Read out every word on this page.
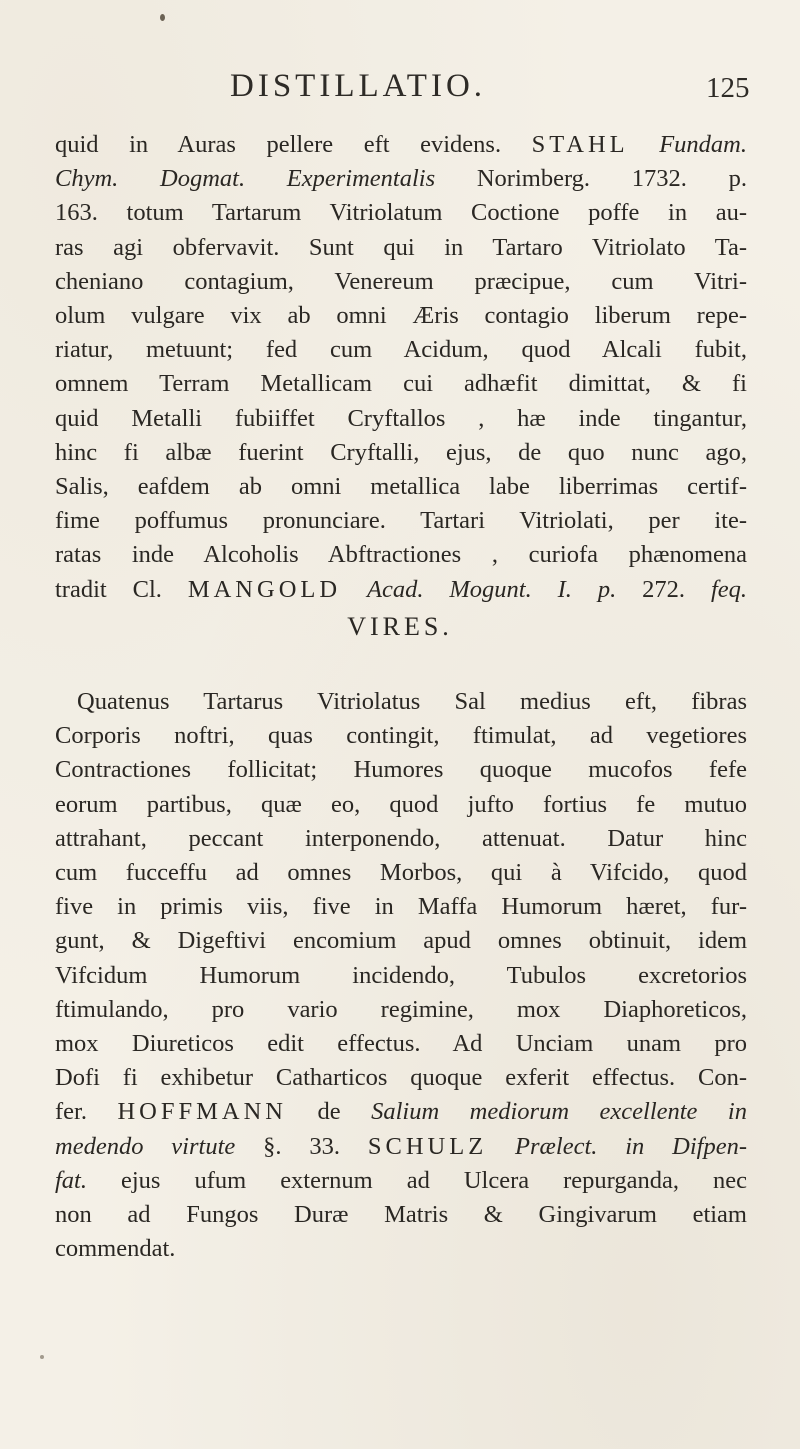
DISTILLATIO.	125
quid in Auras pellere eft evidens. STAHL Fundam.
Chym. Dogmat. Experimentalis Norimberg. 1732. p.
163. totum Tartarum Vitriolatum Coctione poffe in au-
ras agi obfervavit. Sunt qui in Tartaro Vitriolato Ta-
cheniano contagium, Venereum præcipue, cum Vitri-
olum vulgare vix ab omni Æris contagio liberum repe-
riatur, metuunt; fed cum Acidum, quod Alcali fubit,
omnem Terram Metallicam cui adhæfit dimittat, & fi
quid Metalli fubiiffet Cryftallos , hæ inde tingantur,
hinc fi albæ fuerint Cryftalli, ejus, de quo nunc ago,
Salis, eafdem ab omni metallica labe liberrimas certif-
fime poffumus pronunciare. Tartari Vitriolati, per ite-
ratas inde Alcoholis Abftractiones , curiofa phænomena
tradit Cl. MANGOLD Acad. Mogunt. I. p. 272. feq.
VIRES.
Quatenus Tartarus Vitriolatus Sal medius eft, fibras
Corporis noftri, quas contingit, ftimulat, ad vegetiores
Contractiones follicitat; Humores quoque mucofos fefe
eorum partibus, quæ eo, quod jufto fortius fe mutuo
attrahant, peccant interponendo, attenuat. Datur hinc
cum fucceffu ad omnes Morbos, qui à Vifcido, quod
five in primis viis, five in Maffa Humorum hæret, fur-
gunt, & Digeftivi encomium apud omnes obtinuit, idem
Vifcidum Humorum incidendo, Tubulos excretorios
ftimulando, pro vario regimine, mox Diaphoreticos,
mox Diureticos edit effectus. Ad Unciam unam pro
Dofi fi exhibetur Catharticos quoque exferit effectus. Con-
fer. HOFFMANN de Salium mediorum excellente in
medendo virtute §. 33. SCHULZ Prælect. in Difpen-
fat. ejus ufum externum ad Ulcera repurganda, nec
non ad Fungos Duræ Matris & Gingivarum etiam
commendat.
